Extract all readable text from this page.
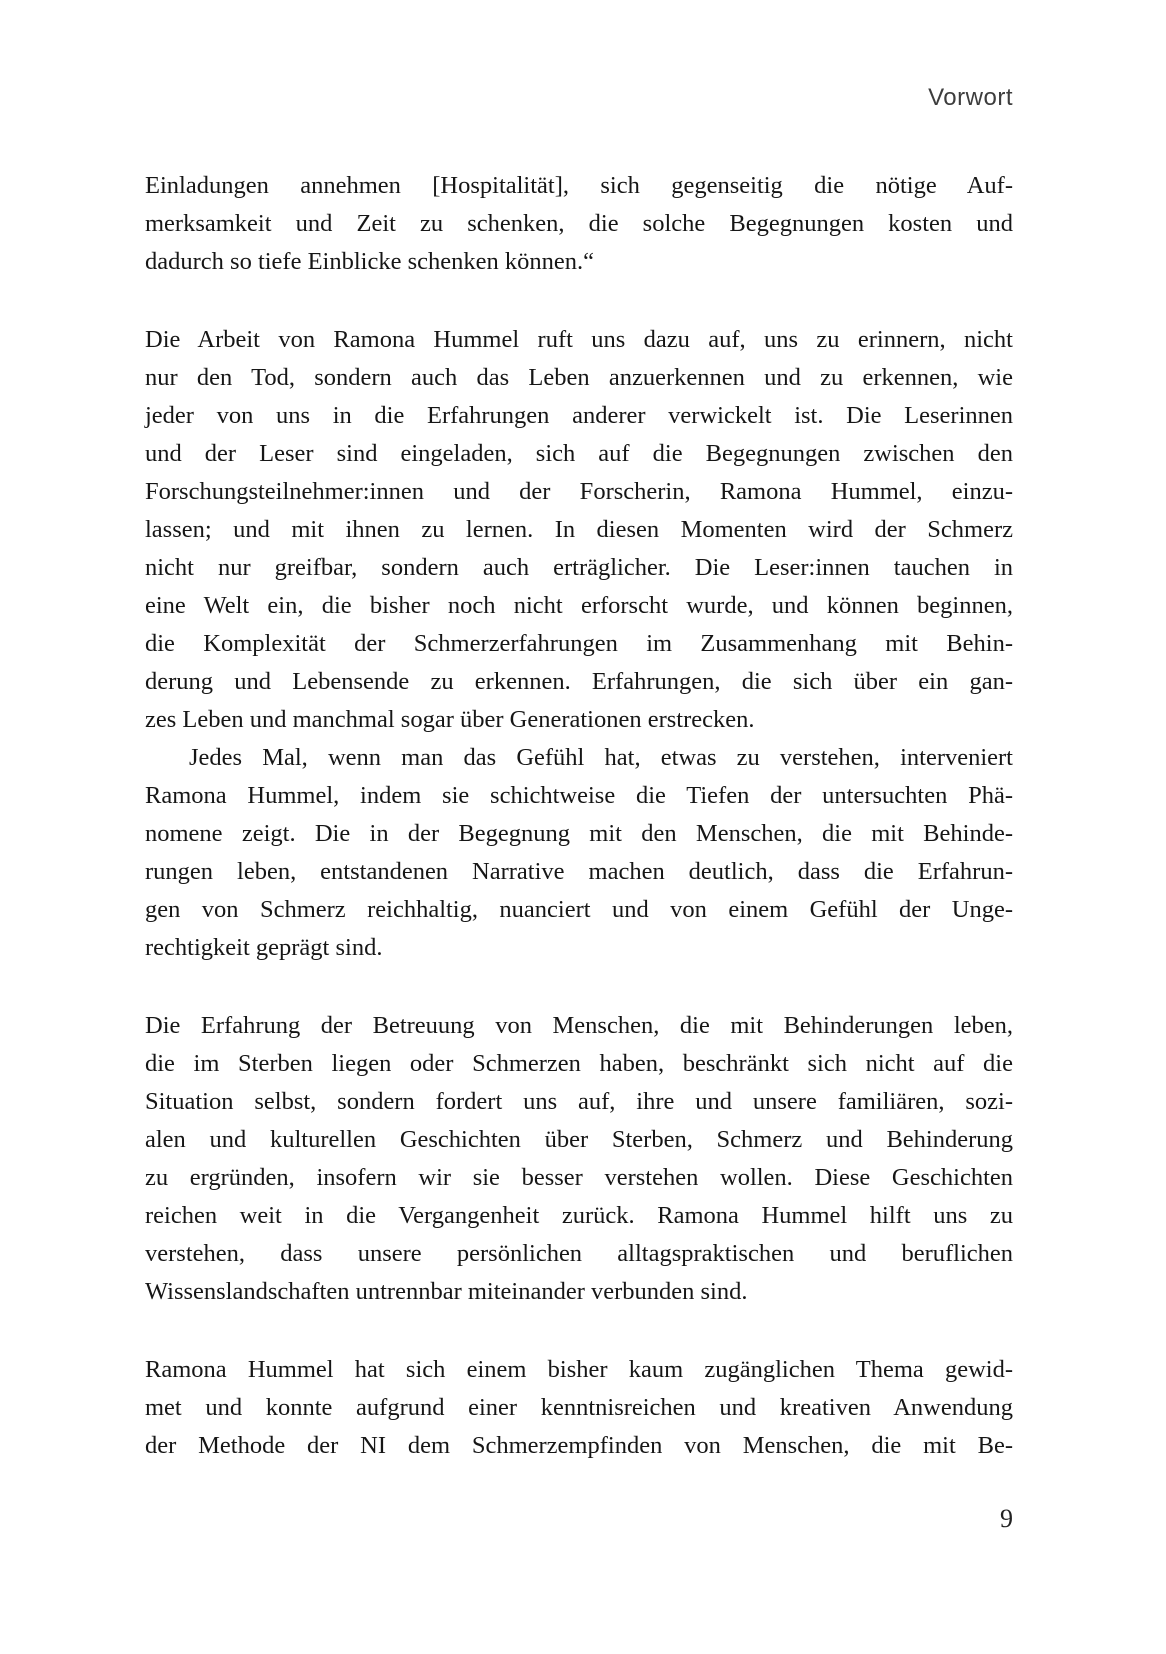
Vorwort
Einladungen annehmen [Hospitalität], sich gegenseitig die nötige Auf-
merksamkeit und Zeit zu schenken, die solche Begegnungen kosten und
dadurch so tiefe Einblicke schenken können.“
Die Arbeit von Ramona Hummel ruft uns dazu auf, uns zu erinnern, nicht
nur den Tod, sondern auch das Leben anzuerkennen und zu erkennen, wie
jeder von uns in die Erfahrungen anderer verwickelt ist. Die Leserinnen
und der Leser sind eingeladen, sich auf die Begegnungen zwischen den
Forschungsteilnehmer:innen und der Forscherin, Ramona Hummel, einzu-
lassen; und mit ihnen zu lernen. In diesen Momenten wird der Schmerz
nicht nur greifbar, sondern auch erträglicher. Die Leser:innen tauchen in
eine Welt ein, die bisher noch nicht erforscht wurde, und können beginnen,
die Komplexität der Schmerzerfahrungen im Zusammenhang mit Behin-
derung und Lebensende zu erkennen. Erfahrungen, die sich über ein gan-
zes Leben und manchmal sogar über Generationen erstrecken.
Jedes Mal, wenn man das Gefühl hat, etwas zu verstehen, interveniert
Ramona Hummel, indem sie schichtweise die Tiefen der untersuchten Phä-
nomene zeigt. Die in der Begegnung mit den Menschen, die mit Behinde-
rungen leben, entstandenen Narrative machen deutlich, dass die Erfahrun-
gen von Schmerz reichhaltig, nuanciert und von einem Gefühl der Unge-
rechtigkeit geprägt sind.
Die Erfahrung der Betreuung von Menschen, die mit Behinderungen leben,
die im Sterben liegen oder Schmerzen haben, beschränkt sich nicht auf die
Situation selbst, sondern fordert uns auf, ihre und unsere familiären, sozi-
alen und kulturellen Geschichten über Sterben, Schmerz und Behinderung
zu ergründen, insofern wir sie besser verstehen wollen. Diese Geschichten
reichen weit in die Vergangenheit zurück. Ramona Hummel hilft uns zu
verstehen, dass unsere persönlichen alltagspraktischen und beruflichen
Wissenslandschaften untrennbar miteinander verbunden sind.
Ramona Hummel hat sich einem bisher kaum zugänglichen Thema gewid-
met und konnte aufgrund einer kenntnisreichen und kreativen Anwendung
der Methode der NI dem Schmerzempfinden von Menschen, die mit Be-
9
